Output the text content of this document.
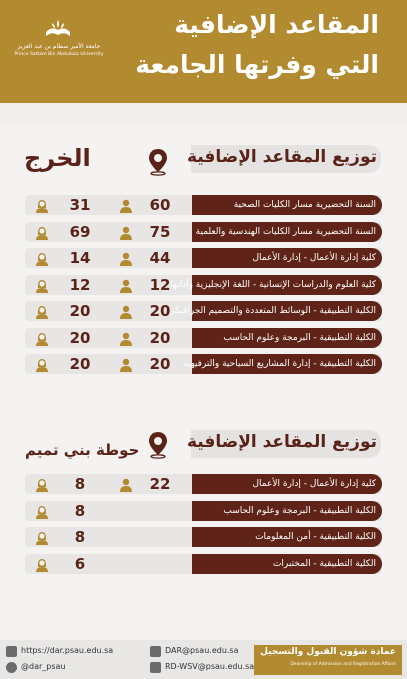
جامعة الأمير سطام بن عبد العزيز
Prince Sattam Bin Abdulaziz University
المقاعد الإضافية
التي وفرتها الجامعة
توزيع المقاعد الإضافية
الخرج
السنة التحضيرية مسار الكليات الصحية
60
31
السنة التحضيرية مسار الكليات الهندسية والعلمية
75
69
كلية إدارة الأعمال - إدارة الأعمال
44
14
كلية العلوم والدراسات الإنسانية - اللغة الإنجليزية وآدابها
12
12
الكلية التطبيقية - الوسائط المتعددة والتصميم الجرافيكي
20
20
الكلية التطبيقية - البرمجة وعلوم الحاسب
20
20
الكلية التطبيقية - إدارة المشاريع السياحية والترفيهية
20
20
توزيع المقاعد الإضافية
حوطة بني تميم
كلية إدارة الأعمال - إدارة الأعمال
22
8
الكلية التطبيقية - البرمجة وعلوم الحاسب
8
الكلية التطبيقية - أمن المعلومات
8
الكلية التطبيقية - المختبرات
6
https://dar.psau.edu.sa
@dar_psau
DAR@psau.edu.sa
RD-WSV@psau.edu.sa
عمادة شؤون القبول والتسجيل
Deanship of Admission and Registration Affairs
